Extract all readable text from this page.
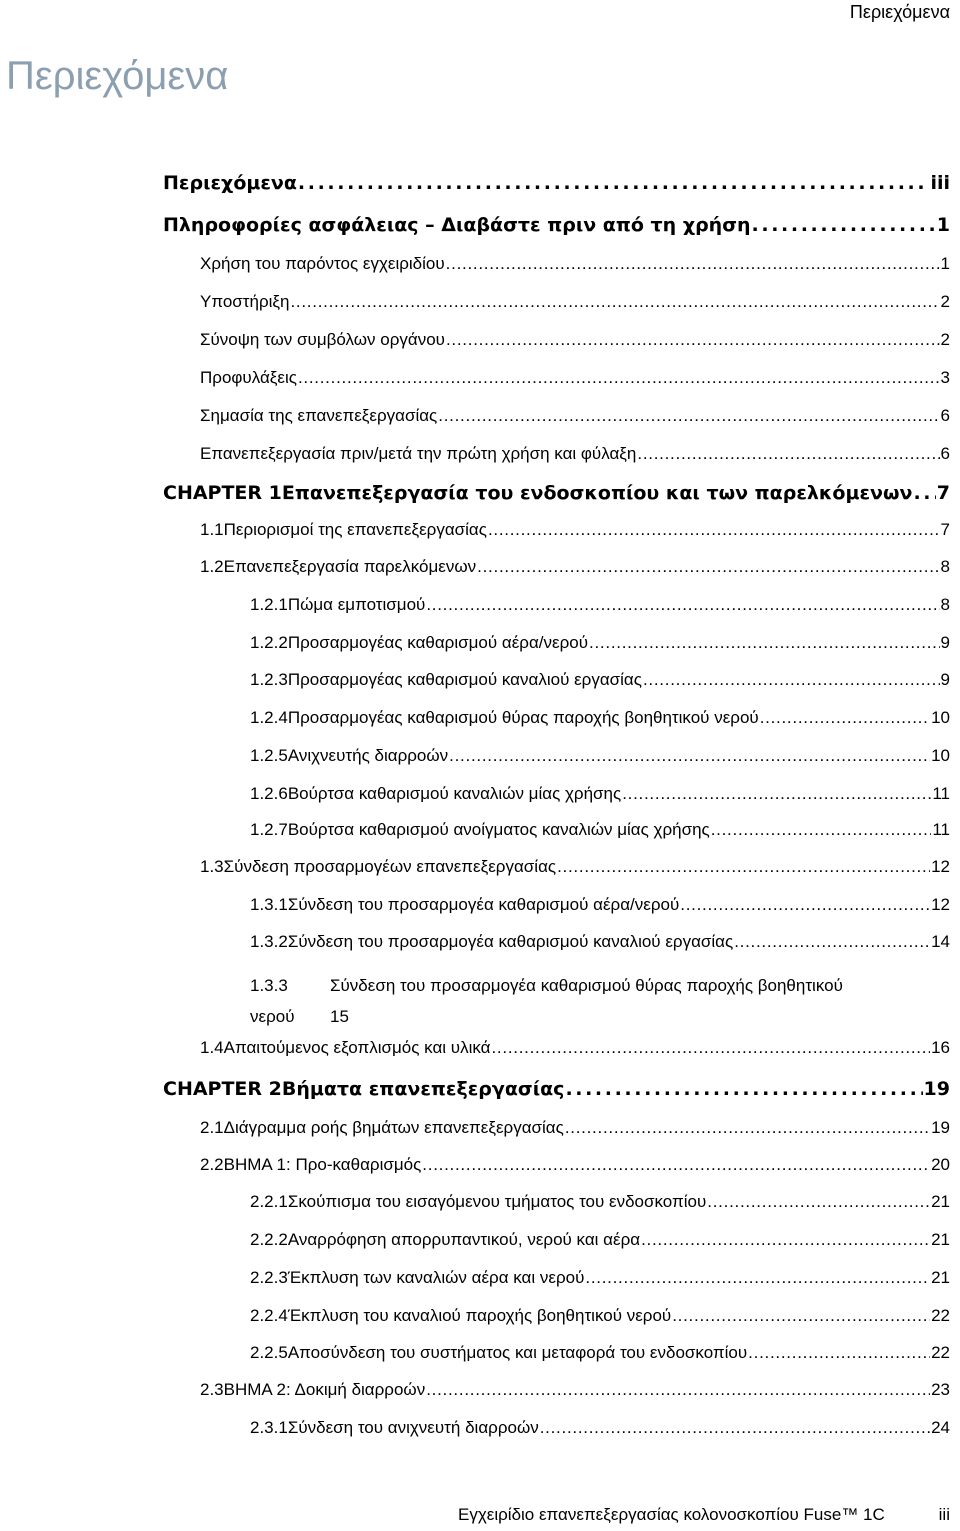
Περιεχόμενα
Περιεχόμενα
Περιεχόμενα . . .	iii
Πληροφορίες ασφάλειας – Διαβάστε πριν από τη χρήση . . .	1
Χρήση του παρόντος εγχειριδίου . . .	1
Υποστήριξη . . .	2
Σύνοψη των συμβόλων οργάνου . . .	2
Προφυλάξεις . . .	3
Σημασία της επανεπεξεργασίας . . .	6
Επανεπεξεργασία πριν/μετά την πρώτη χρήση και φύλαξη . . .	6
CHAPTER 1 Επανεπεξεργασία του ενδοσκοπίου και των παρελκόμενων . . . 7
1.1 Περιορισμοί της επανεπεξεργασίας . . .	7
1.2 Επανεπεξεργασία παρελκόμενων . . .	8
1.2.1 Πώμα εμποτισμού . . .	8
1.2.2 Προσαρμογέας καθαρισμού αέρα/νερού . . .	9
1.2.3 Προσαρμογέας καθαρισμού καναλιού εργασίας . . .	9
1.2.4 Προσαρμογέας καθαρισμού θύρας παροχής βοηθητικού νερού . . .	10
1.2.5 Ανιχνευτής διαρροών . . .	10
1.2.6 Βούρτσα καθαρισμού καναλιών μίας χρήσης . . .	11
1.2.7 Βούρτσα καθαρισμού ανοίγματος καναλιών μίας χρήσης . . .	11
1.3 Σύνδεση προσαρμογέων επανεπεξεργασίας . . .	12
1.3.1 Σύνδεση του προσαρμογέα καθαρισμού αέρα/νερού . . .	12
1.3.2 Σύνδεση του προσαρμογέα καθαρισμού καναλιού εργασίας . . .	14
1.3.3 Σύνδεση του προσαρμογέα καθαρισμού θύρας παροχής βοηθητικού
νερού	15
1.4 Απαιτούμενος εξοπλισμός και υλικά . . .	16
CHAPTER 2 Βήματα επανεπεξεργασίας . . .	19
2.1 Διάγραμμα ροής βημάτων επανεπεξεργασίας . . .	19
2.2 ΒΗΜΑ 1: Προ-καθαρισμός . . .	20
2.2.1 Σκούπισμα του εισαγόμενου τμήματος του ενδοσκοπίου . . .	21
2.2.2 Αναρρόφηση απορρυπαντικού, νερού και αέρα . . .	21
2.2.3 Έκπλυση των καναλιών αέρα και νερού . . .	21
2.2.4 Έκπλυση του καναλιού παροχής βοηθητικού νερού . . .	22
2.2.5 Αποσύνδεση του συστήματος και μεταφορά του ενδοσκοπίου . . .	22
2.3 ΒΗΜΑ 2: Δοκιμή διαρροών . . .	23
2.3.1 Σύνδεση του ανιχνευτή διαρροών . . .	24
Εγχειρίδιο επανεπεξεργασίας κολονοσκοπίου Fuse™ 1C	iii
